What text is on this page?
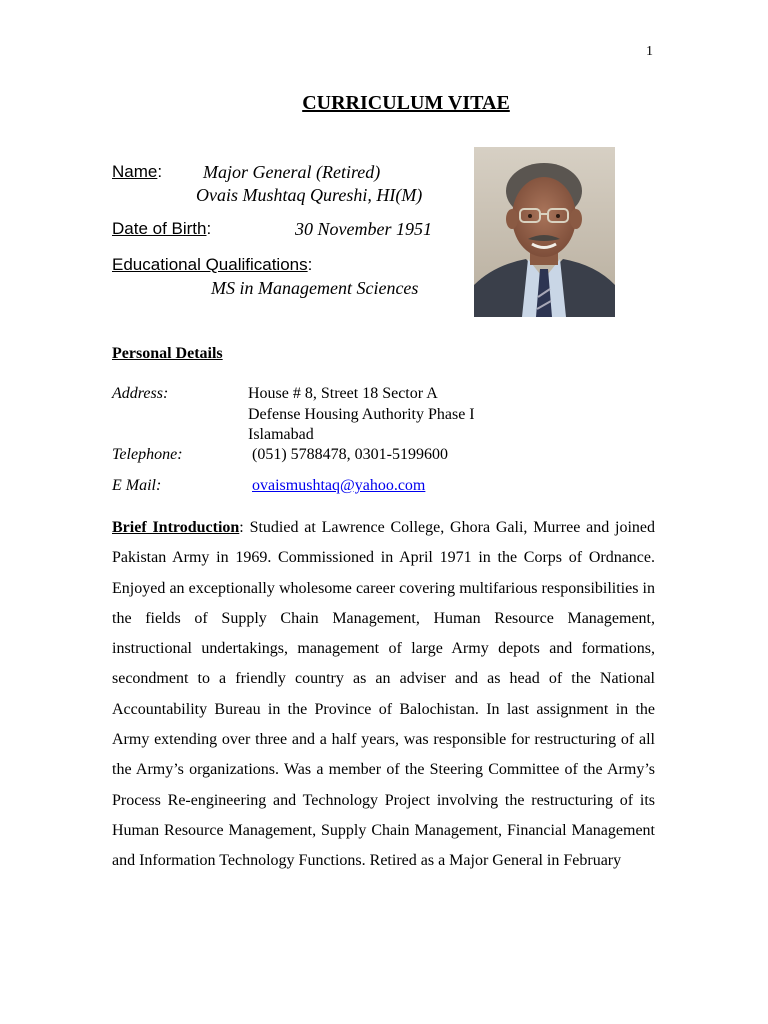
1
CURRICULUM VITAE
Name: Major General (Retired)
Ovais Mushtaq Qureshi, HI(M)
Date of Birth:	30 November 1951
Educational Qualifications:
MS in Management Sciences
Personal Details
Address:	House # 8, Street 18 Sector A
Defense Housing Authority Phase I
Islamabad
Telephone:	(051) 5788478, 0301-5199600
E Mail:	ovaismushtaq@yahoo.com
Brief Introduction: Studied at Lawrence College, Ghora Gali, Murree and joined Pakistan Army in 1969. Commissioned in April 1971 in the Corps of Ordnance. Enjoyed an exceptionally wholesome career covering multifarious responsibilities in the fields of Supply Chain Management, Human Resource Management, instructional undertakings, management of large Army depots and formations, secondment to a friendly country as an adviser and as head of the National Accountability Bureau in the Province of Balochistan. In last assignment in the Army extending over three and a half years, was responsible for restructuring of all the Army’s organizations. Was a member of the Steering Committee of the Army’s Process Re-engineering and Technology Project involving the restructuring of its Human Resource Management, Supply Chain Management, Financial Management and Information Technology Functions. Retired as a Major General in February
